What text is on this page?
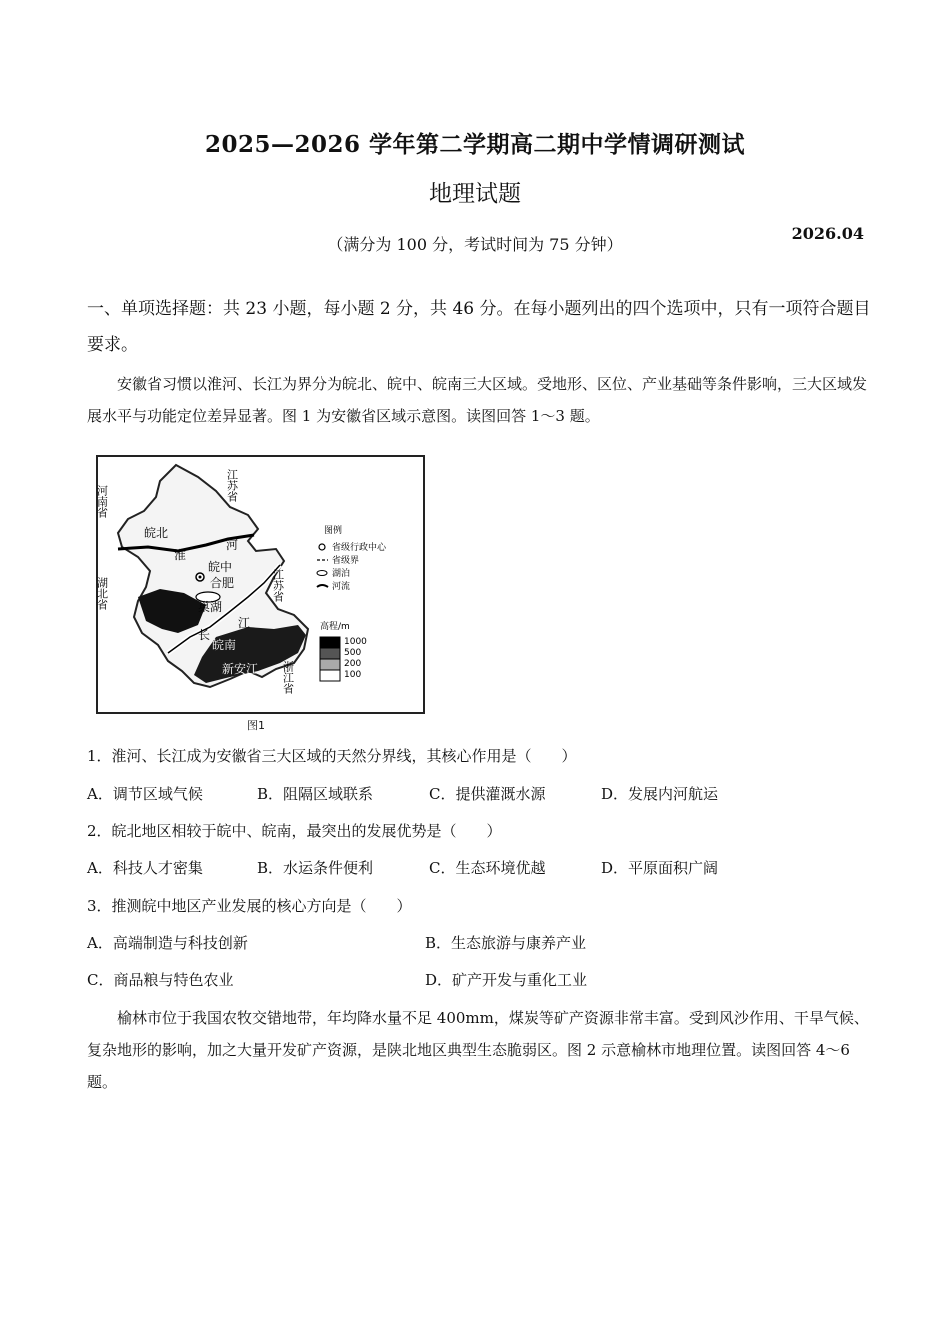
2025—2026 学年第二学期高二期中学情调研测试
地理试题
2026.04
（满分为 100 分，考试时间为 75 分钟）
一、单项选择题：共 23 小题，每小题 2 分，共 46 分。在每小题列出的四个选项中，只有一项符合题目要求。
安徽省习惯以淮河、长江为界分为皖北、皖中、皖南三大区域。受地形、区位、产业基础等条件影响，三大区域发展水平与功能定位差异显著。图 1 为安徽省区域示意图。读图回答 1～3 题。
河南省	江苏省
江苏省
湖北省
浙江省
皖北
皖中
合肥
巢湖
淮
河
长
江
皖南
新安江
图例
省级行政中心
省级界
湖泊
河流
高程/m
1000
500
200
100
图1
1．淮河、长江成为安徽省三大区域的天然分界线，其核心作用是（　　）
A．调节区域气候	B．阻隔区域联系	C．提供灌溉水源	D．发展内河航运
2．皖北地区相较于皖中、皖南，最突出的发展优势是（　　）
A．科技人才密集	B．水运条件便利	C．生态环境优越	D．平原面积广阔
3．推测皖中地区产业发展的核心方向是（　　）
A．高端制造与科技创新	B．生态旅游与康养产业
C．商品粮与特色农业	D．矿产开发与重化工业
榆林市位于我国农牧交错地带，年均降水量不足 400mm，煤炭等矿产资源非常丰富。受到风沙作用、干旱气候、复杂地形的影响，加之大量开发矿产资源，是陕北地区典型生态脆弱区。图 2 示意榆林市地理位置。读图回答 4～6 题。
